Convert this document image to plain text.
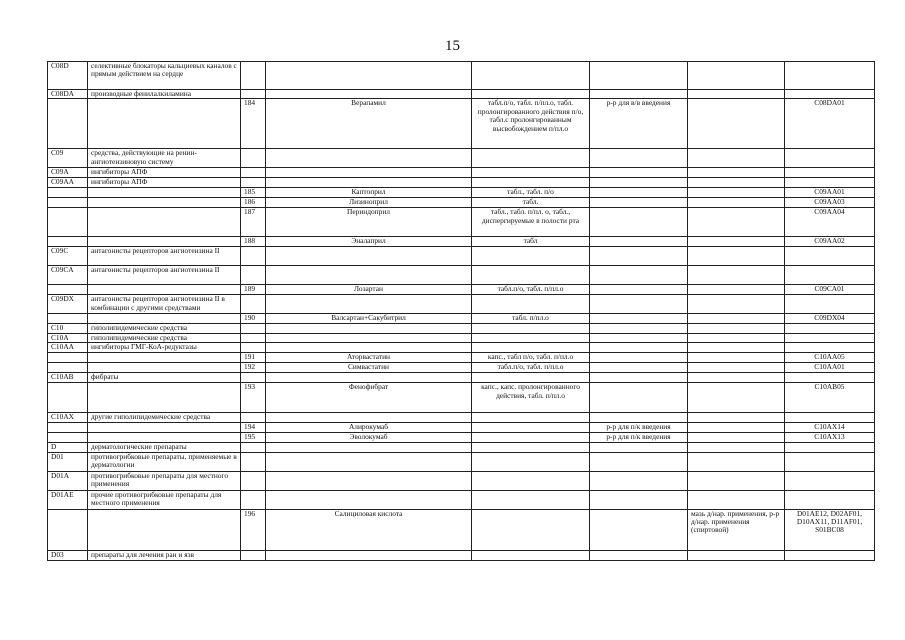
15
C08D	селективные блокаторы кальциевых каналов с прямым действием на сердце						
C08DA	производные фенилалкиламина						
		184	Верапамил	табл.п/о, табл. п/пл.о, табл. пролонгированного действия п/о, табл.с пролонгированным высвобождением п/пл.о	р-р для в/в введения		C08DA01
C09	средства, действующие на ренин-ангиотензиновую систему						
C09A	ингибиторы АПФ						
C09AA	ингибиторы АПФ						
		185	Каптоприл	табл., табл. п/о			C09AA01
		186	Лизиноприл	табл.			C09AA03
		187	Периндоприл	табл., табл. п/пл. о, табл., диспергируемые в полости рта			C09AA04
		188	Эналаприл	табл			C09AA02
C09C	антагонисты рецепторов ангиотензина II						
C09CA	антагонисты рецепторов ангиотензина II						
		189	Лозартан	табл.п/о, табл. п/пл.о			C09CA01
C09DX	антагонисты рецепторов ангиотензина II в комбинации с другими средствами						
		190	Валсартан+Сакубитрил	табл. п/пл.о			C09DX04
C10	гиполипидемические средства						
C10A	гиполипидемические средства						
C10AA	ингибиторы ГМГ-КоА-редуктазы						
		191	Аторвастатин	капс., табл п/о, табл. п/пл.о			C10AA05
		192	Симвастатин	табл.п/о, табл. п/пл.о			C10AA01
C10AB	фибраты						
		193	Фенофибрат	капс., капс. пролонгированного действия, табл. п/пл.о			C10AB05
C10AX	другие гиполипидемические средства						
		194	Алирокумаб		р-р для п/к введения		C10AX14
		195	Эволокумаб		р-р для п/к введения		C10AX13
D	дерматологические препараты						
D01	противогрибковые препараты, применяемые в дерматологии						
D01A	противогрибковые препараты для местного применения						
D01AE	прочие противогрибковые препараты для местного применения						
		196	Салициловая кислота			мазь д/нар. применения, р-р д/нар. применения (спиртовой)	D01AE12, D02AF01, D10AX11, D11AF01, S01BC08
D03	препараты для лечения ран и язв						
